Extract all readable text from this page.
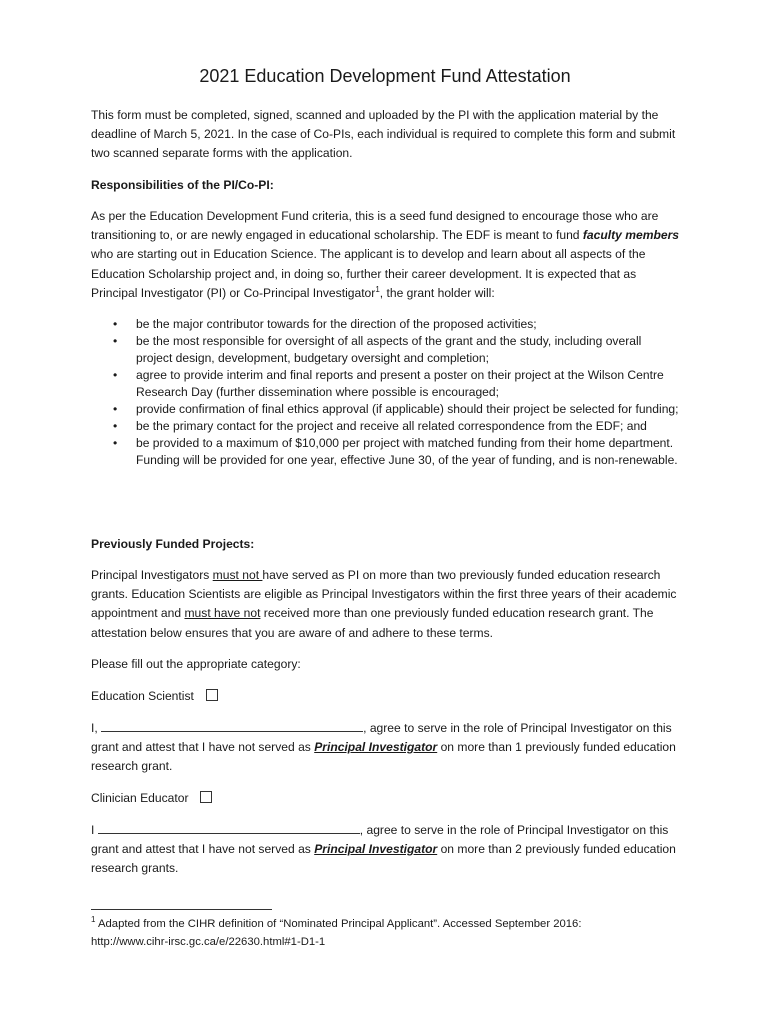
2021 Education Development Fund Attestation

This form must be completed, signed, scanned and uploaded by the PI with the application material by the deadline of March 5, 2021. In the case of Co-PIs, each individual is required to complete this form and submit two scanned separate forms with the application.

Responsibilities of the PI/Co-PI:

As per the Education Development Fund criteria, this is a seed fund designed to encourage those who are transitioning to, or are newly engaged in educational scholarship. The EDF is meant to fund faculty members who are starting out in Education Science. The applicant is to develop and learn about all aspects of the Education Scholarship project and, in doing so, further their career development. It is expected that as Principal Investigator (PI) or Co-Principal Investigator$^1$, the grant holder will:

• be the major contributor towards for the direction of the proposed activities;
• be the most responsible for oversight of all aspects of the grant and the study, including overall project design, development, budgetary oversight and completion;
• agree to provide interim and final reports and present a poster on their project at the Wilson Centre Research Day (further dissemination where possible is encouraged;
• provide confirmation of final ethics approval (if applicable) should their project be selected for funding;
• be the primary contact for the project and receive all related correspondence from the EDF; and
• be provided to a maximum of $10,000 per project with matched funding from their home department. Funding will be provided for one year, effective June 30, of the year of funding, and is non-renewable.
Previously Funded Projects:

Principal Investigators must not have served as PI on more than two previously funded education research grants. Education Scientists are eligible as Principal Investigators within the first three years of their academic appointment and must have not received more than one previously funded education research grant. The attestation below ensures that you are aware of and adhere to these terms.

Please fill out the appropriate category:
Education Scientist

I,	, agree to serve in the role of Principal Investigator on this grant and attest that I have not served as Principal Investigator on more than 1 previously funded education research grant.

Clinician Educator

I	, agree to serve in the role of Principal Investigator on this grant and attest that I have not served as Principal Investigator on more than 2 previously funded education research grants.

$^1$ Adapted from the CIHR definition of “Nominated Principal Applicant”. Accessed September 2016:
http://www.cihr-irsc.gc.ca/e/22630.html#1-D1-1
